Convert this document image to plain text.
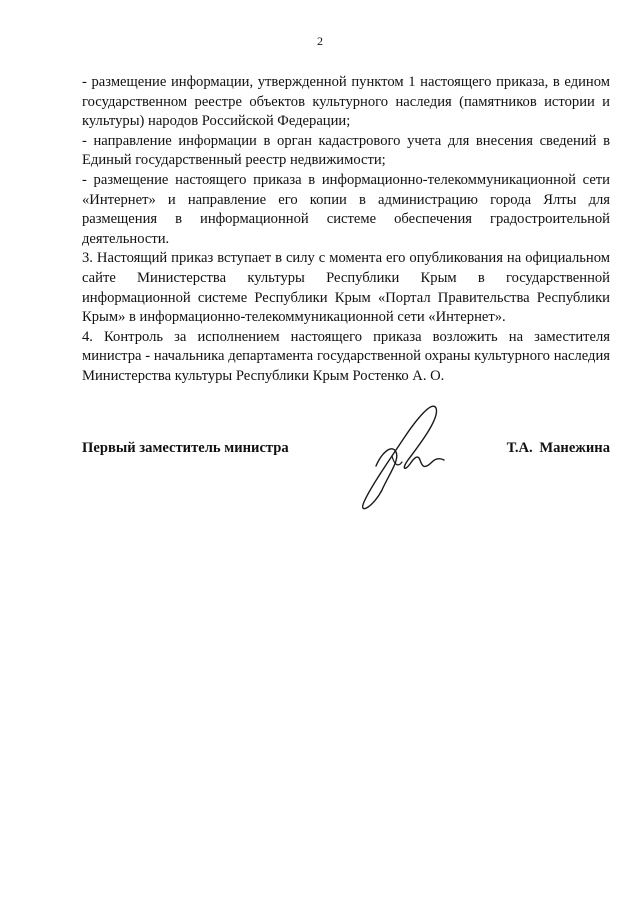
2

- размещение информации, утвержденной пунктом 1 настоящего приказа, в едином государственном реестре объектов культурного наследия (памятников истории и культуры) народов Российской Федерации;

- направление информации в орган кадастрового учета для внесения сведений в Единый государственный реестр недвижимости;

- размещение настоящего приказа в информационно-телекоммуникационной сети «Интернет» и направление его копии в администрацию города Ялты для размещения в информационной системе обеспечения градостроительной деятельности.

3. Настоящий приказ вступает в силу с момента его опубликования на официальном сайте Министерства культуры Республики Крым в государственной информационной системе Республики Крым «Портал Правительства Республики Крым» в информационно-телекоммуникационной сети «Интернет».

4. Контроль за исполнением настоящего приказа возложить на заместителя министра - начальника департамента государственной охраны культурного наследия Министерства культуры Республики Крым Ростенко А. О.

Первый заместитель министра	Т.А. Манежина
